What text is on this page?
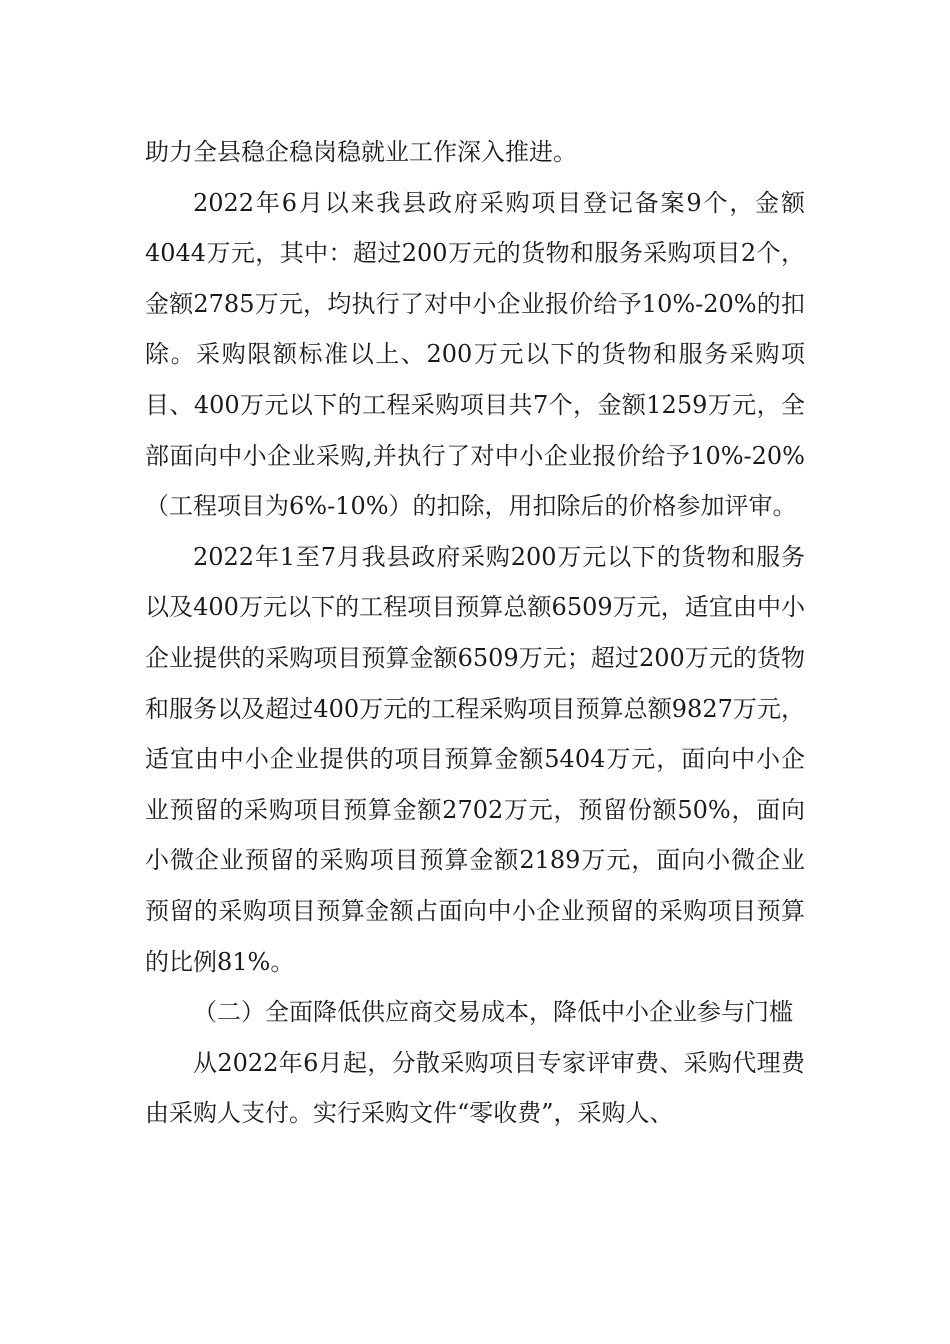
助力全县稳企稳岗稳就业工作深入推进。

2022年6月以来我县政府采购项目登记备案9个，金额4044万元，其中：超过200万元的货物和服务采购项目2个，金额2785万元，均执行了对中小企业报价给予10%-20%的扣除。采购限额标准以上、200万元以下的货物和服务采购项目、400万元以下的工程采购项目共7个，金额1259万元，全部面向中小企业采购,并执行了对中小企业报价给予10%-20%（工程项目为6%-10%）的扣除，用扣除后的价格参加评审。

2022年1至7月我县政府采购200万元以下的货物和服务以及400万元以下的工程项目预算总额6509万元，适宜由中小企业提供的采购项目预算金额6509万元；超过200万元的货物和服务以及超过400万元的工程采购项目预算总额9827万元，适宜由中小企业提供的项目预算金额5404万元，面向中小企业预留的采购项目预算金额2702万元，预留份额50%，面向小微企业预留的采购项目预算金额2189万元，面向小微企业预留的采购项目预算金额占面向中小企业预留的采购项目预算的比例81%。

（二）全面降低供应商交易成本，降低中小企业参与门槛

从2022年6月起，分散采购项目专家评审费、采购代理费由采购人支付。实行采购文件“零收费”，采购人、
